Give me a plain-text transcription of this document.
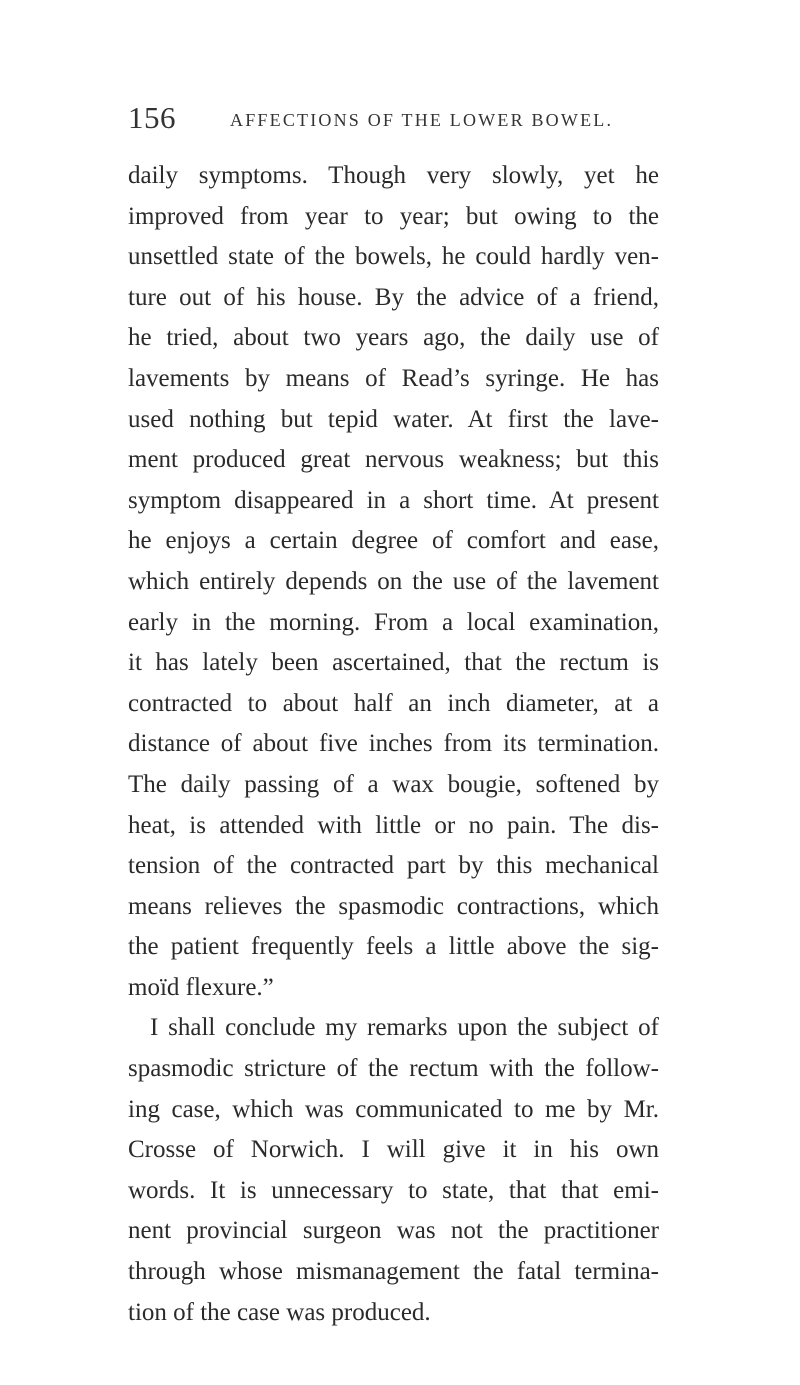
156	AFFECTIONS OF THE LOWER BOWEL.
daily symptoms. Though very slowly, yet he
improved from year to year; but owing to the
unsettled state of the bowels, he could hardly ven-
ture out of his house. By the advice of a friend,
he tried, about two years ago, the daily use of
lavements by means of Read’s syringe. He has
used nothing but tepid water. At first the lave-
ment produced great nervous weakness; but this
symptom disappeared in a short time. At present
he enjoys a certain degree of comfort and ease,
which entirely depends on the use of the lavement
early in the morning. From a local examination,
it has lately been ascertained, that the rectum is
contracted to about half an inch diameter, at a
distance of about five inches from its termination.
The daily passing of a wax bougie, softened by
heat, is attended with little or no pain. The dis-
tension of the contracted part by this mechanical
means relieves the spasmodic contractions, which
the patient frequently feels a little above the sig-
moïd flexure.”
I shall conclude my remarks upon the subject of
spasmodic stricture of the rectum with the follow-
ing case, which was communicated to me by Mr.
Crosse of Norwich. I will give it in his own
words. It is unnecessary to state, that that emi-
nent provincial surgeon was not the practitioner
through whose mismanagement the fatal termina-
tion of the case was produced.
